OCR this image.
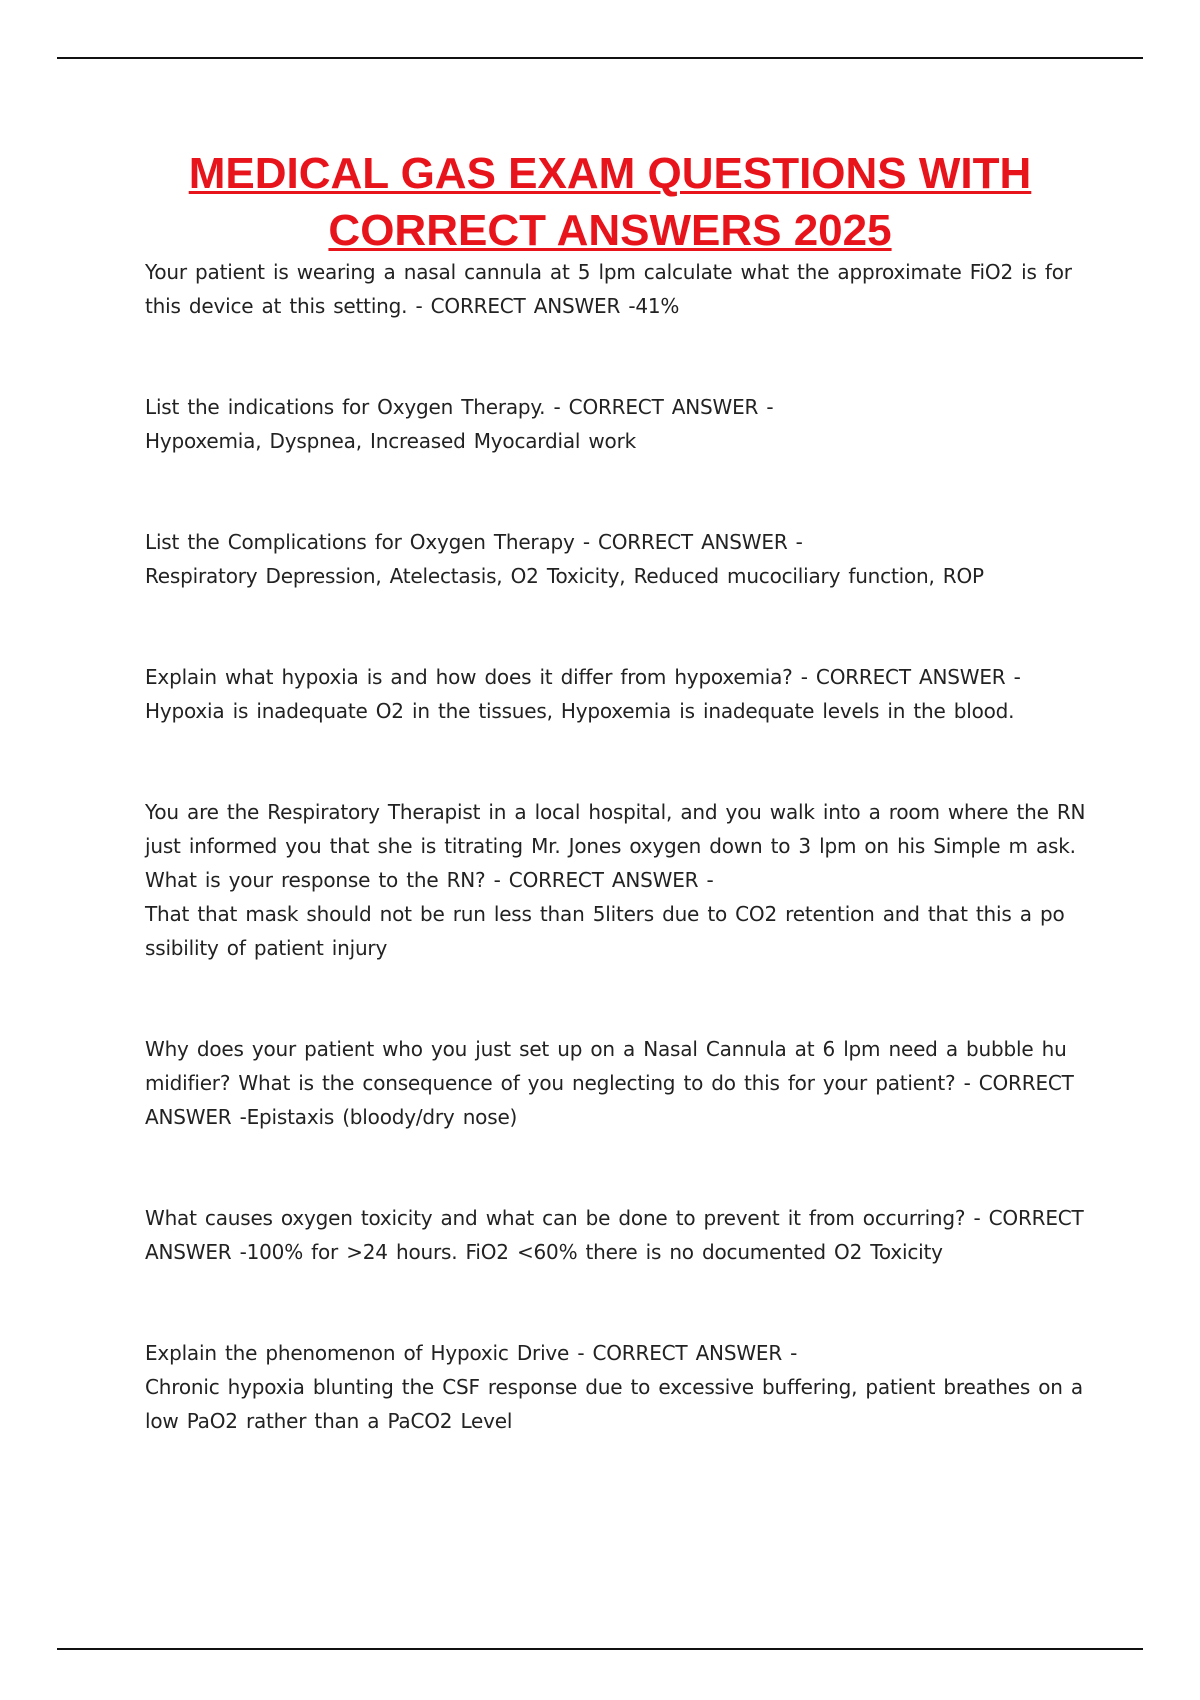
MEDICAL GAS EXAM QUESTIONS WITH
CORRECT ANSWERS 2025

Your patient is wearing a nasal cannula at 5 lpm calculate what the approximate FiO2 is for this device at this setting. - CORRECT ANSWER -41%

List the indications for Oxygen Therapy. - CORRECT ANSWER -
Hypoxemia, Dyspnea, Increased Myocardial work

List the Complications for Oxygen Therapy - CORRECT ANSWER -
Respiratory Depression, Atelectasis, O2 Toxicity, Reduced mucociliary function, ROP

Explain what hypoxia is and how does it differ from hypoxemia? - CORRECT ANSWER -
Hypoxia is inadequate O2 in the tissues, Hypoxemia is inadequate levels in the blood.

You are the Respiratory Therapist in a local hospital, and you walk into a room where the RN just informed you that she is titrating Mr. Jones oxygen down to 3 lpm on his Simple m ask. What is your response to the RN? - CORRECT ANSWER -
That that mask should not be run less than 5liters due to CO2 retention and that this a po ssibility of patient injury

Why does your patient who you just set up on a Nasal Cannula at 6 lpm need a bubble hu midifier? What is the consequence of you neglecting to do this for your patient? - CORRECT ANSWER -Epistaxis (bloody/dry nose)

What causes oxygen toxicity and what can be done to prevent it from occurring? - CORRECT ANSWER -100% for >24 hours. FiO2 <60% there is no documented O2 Toxicity

Explain the phenomenon of Hypoxic Drive - CORRECT ANSWER -
Chronic hypoxia blunting the CSF response due to excessive buffering, patient breathes on a low PaO2 rather than a PaCO2 Level
